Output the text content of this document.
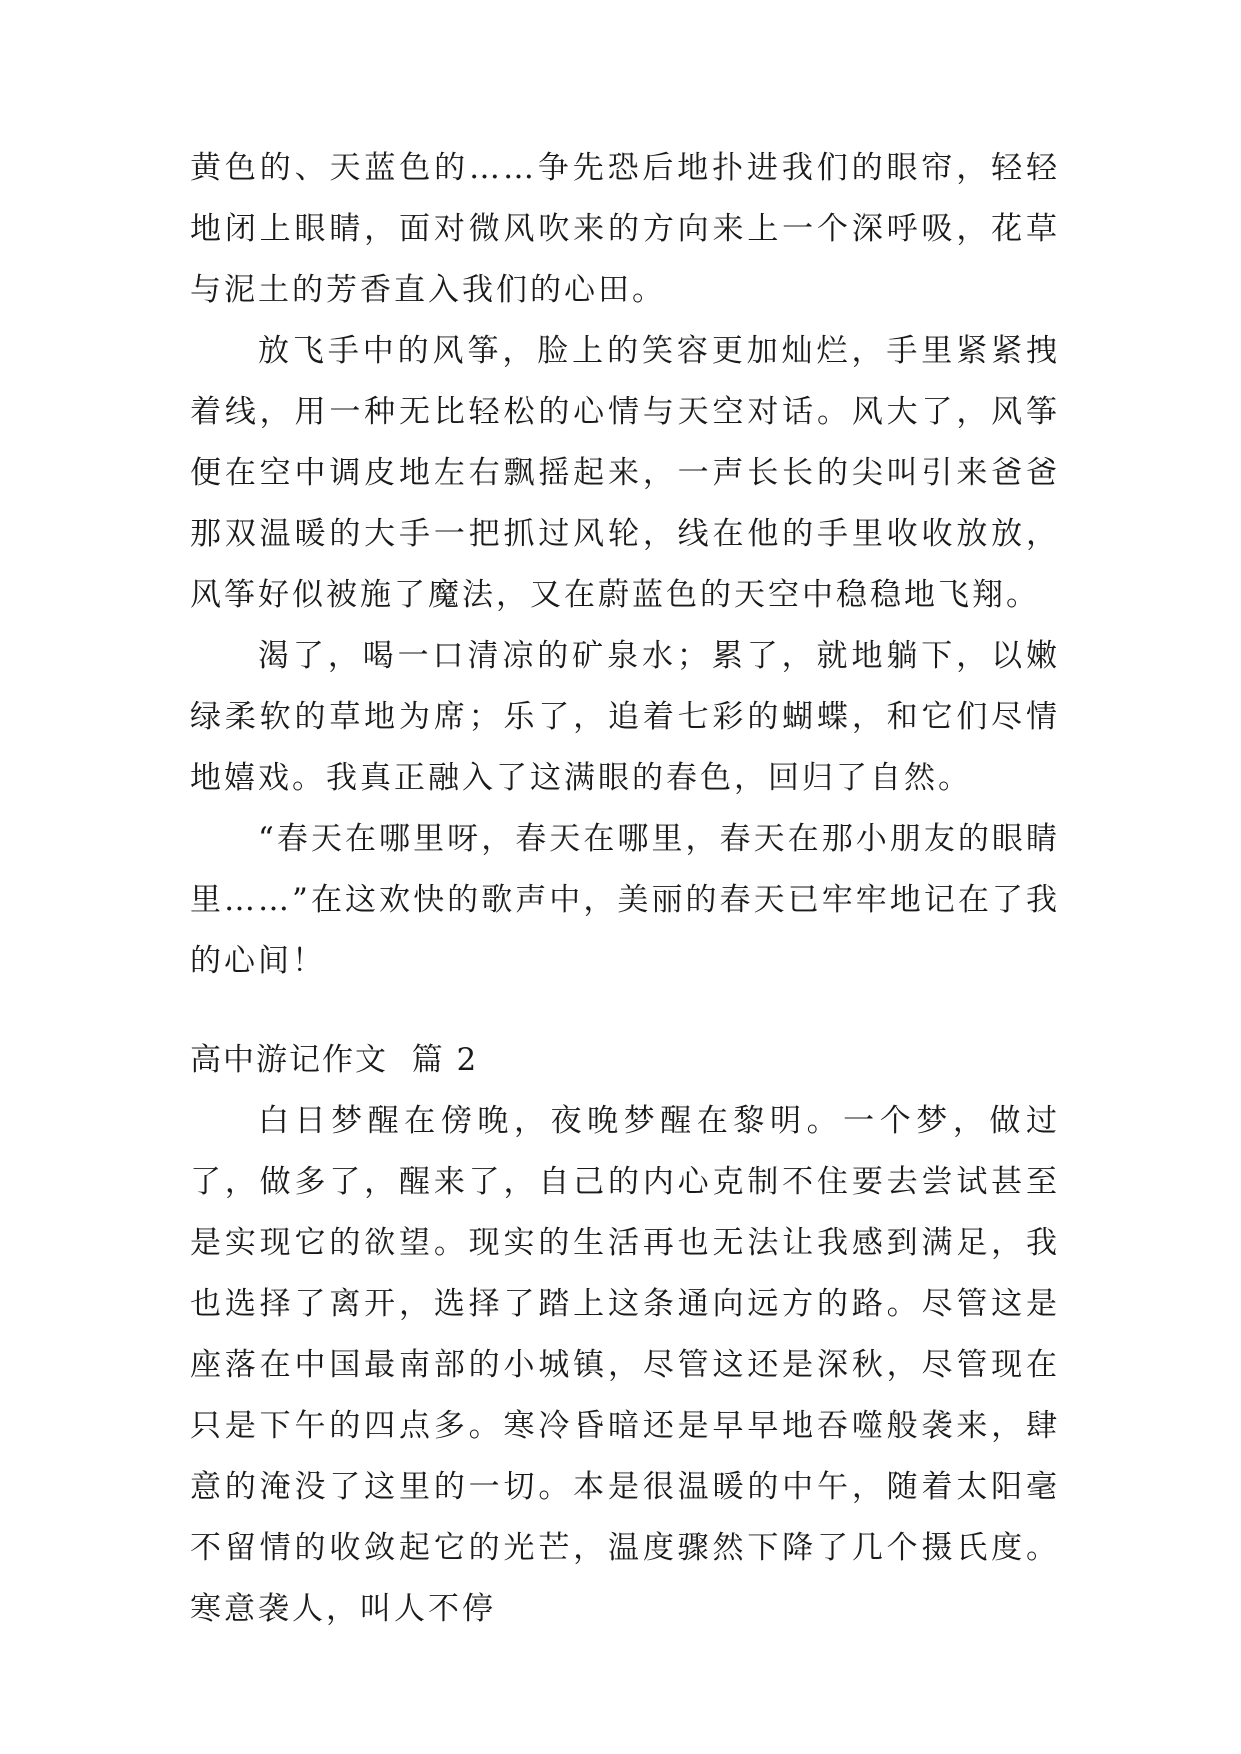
黄色的、天蓝色的……争先恐后地扑进我们的眼帘，轻轻地闭上眼睛，面对微风吹来的方向来上一个深呼吸，花草与泥土的芳香直入我们的心田。

放飞手中的风筝，脸上的笑容更加灿烂，手里紧紧拽着线，用一种无比轻松的心情与天空对话。风大了，风筝便在空中调皮地左右飘摇起来，一声长长的尖叫引来爸爸那双温暖的大手一把抓过风轮，线在他的手里收收放放，风筝好似被施了魔法，又在蔚蓝色的天空中稳稳地飞翔。

渴了，喝一口清凉的矿泉水；累了，就地躺下，以嫩绿柔软的草地为席；乐了，追着七彩的蝴蝶，和它们尽情地嬉戏。我真正融入了这满眼的春色，回归了自然。

“春天在哪里呀，春天在哪里，春天在那小朋友的眼睛里……”在这欢快的歌声中，美丽的春天已牢牢地记在了我的心间！

高中游记作文  篇 2

白日梦醒在傍晚，夜晚梦醒在黎明。一个梦，做过了，做多了，醒来了，自己的内心克制不住要去尝试甚至是实现它的欲望。现实的生活再也无法让我感到满足，我也选择了离开，选择了踏上这条通向远方的路。尽管这是座落在中国最南部的小城镇，尽管这还是深秋，尽管现在只是下午的四点多。寒冷昏暗还是早早地吞噬般袭来，肆意的淹没了这里的一切。本是很温暖的中午，随着太阳毫不留情的收敛起它的光芒，温度骤然下降了几个摄氏度。寒意袭人，叫人不停
